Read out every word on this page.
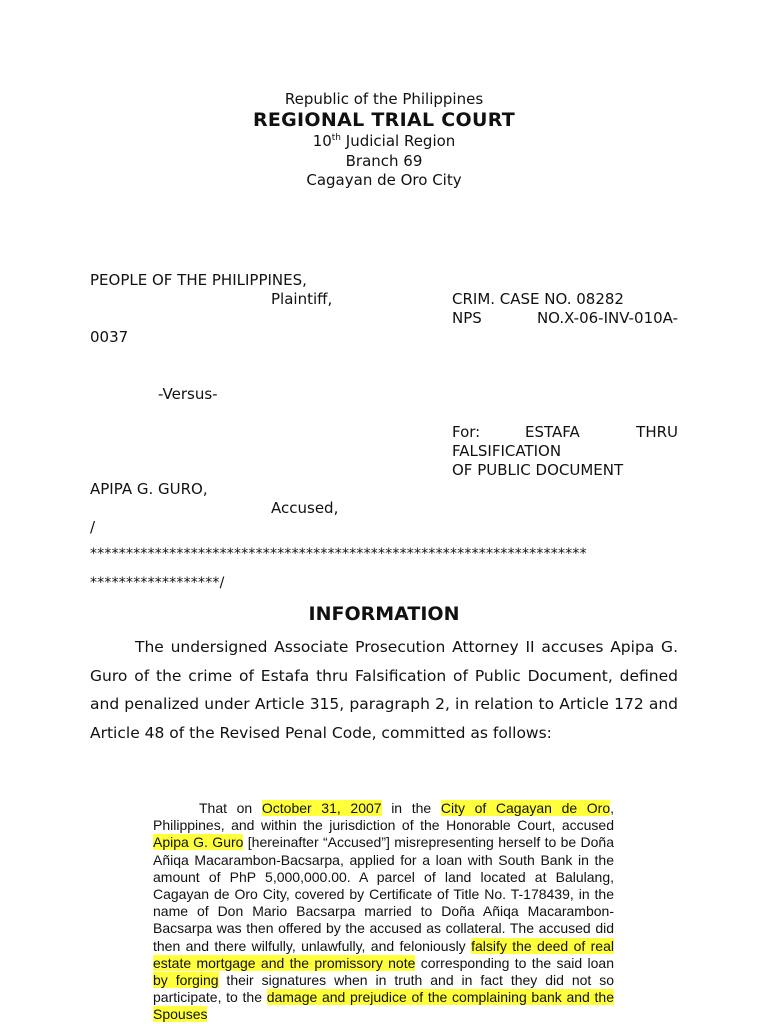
Republic of the Philippines
REGIONAL TRIAL COURT
10th Judicial Region
Branch 69
Cagayan de Oro City
PEOPLE OF THE PHILIPPINES,
Plaintiff,	CRIM. CASE NO. 08282
NPS	NO.X-06-INV-010A-
0037
-Versus-
For:	ESTAFA	THRU
FALSIFICATION
OF PUBLIC DOCUMENT
APIPA G. GURO,
Accused,
/
*********************************************************************
******************/
INFORMATION
The undersigned Associate Prosecution Attorney II accuses Apipa G. Guro of the crime of Estafa thru Falsification of Public Document, defined and penalized under Article 315, paragraph 2, in relation to Article 172 and Article 48 of the Revised Penal Code, committed as follows:
That on October 31, 2007 in the City of Cagayan de Oro, Philippines, and within the jurisdiction of the Honorable Court, accused Apipa G. Guro [hereinafter “Accused”] misrepresenting herself to be Doña Añiqa Macarambon-Bacsarpa, applied for a loan with South Bank in the amount of PhP 5,000,000.00. A parcel of land located at Balulang, Cagayan de Oro City, covered by Certificate of Title No. T-178439, in the name of Don Mario Bacsarpa married to Doña Añiqa Macarambon-Bacsarpa was then offered by the accused as collateral. The accused did then and there wilfully, unlawfully, and feloniously falsify the deed of real estate mortgage and the promissory note corresponding to the said loan by forging their signatures when in truth and in fact they did not so participate, to the damage and prejudice of the complaining bank and the Spouses
